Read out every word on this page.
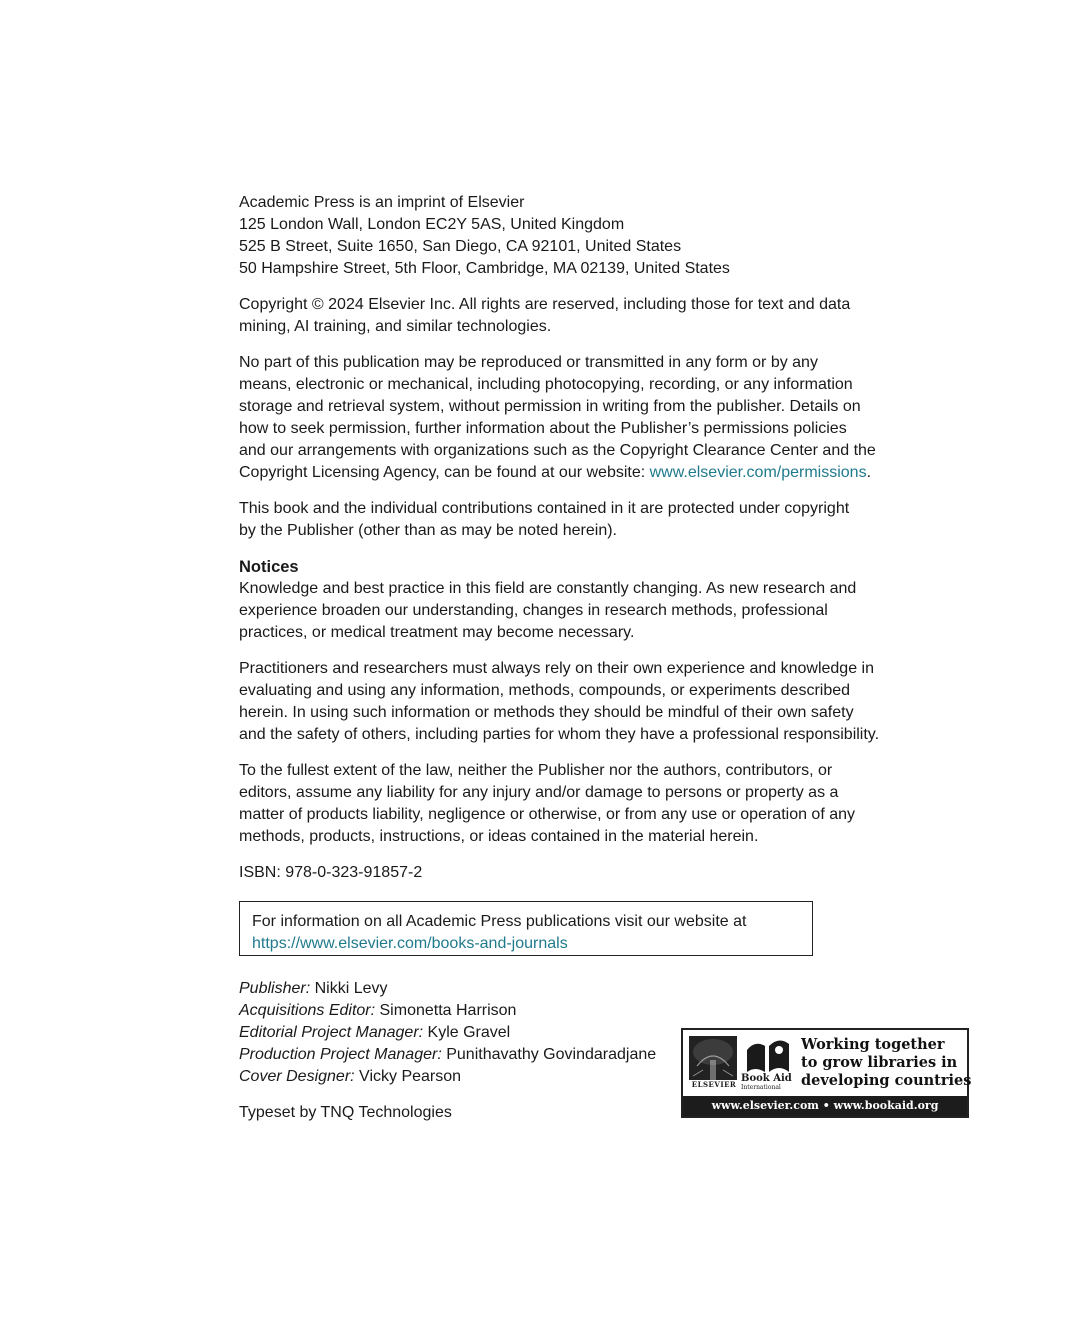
Academic Press is an imprint of Elsevier
125 London Wall, London EC2Y 5AS, United Kingdom
525 B Street, Suite 1650, San Diego, CA 92101, United States
50 Hampshire Street, 5th Floor, Cambridge, MA 02139, United States
Copyright © 2024 Elsevier Inc. All rights are reserved, including those for text and data
mining, AI training, and similar technologies.
No part of this publication may be reproduced or transmitted in any form or by any
means, electronic or mechanical, including photocopying, recording, or any information
storage and retrieval system, without permission in writing from the publisher. Details on
how to seek permission, further information about the Publisher’s permissions policies
and our arrangements with organizations such as the Copyright Clearance Center and the
Copyright Licensing Agency, can be found at our website: www.elsevier.com/permissions.
This book and the individual contributions contained in it are protected under copyright
by the Publisher (other than as may be noted herein).
Notices
Knowledge and best practice in this field are constantly changing. As new research and
experience broaden our understanding, changes in research methods, professional
practices, or medical treatment may become necessary.
Practitioners and researchers must always rely on their own experience and knowledge in
evaluating and using any information, methods, compounds, or experiments described
herein. In using such information or methods they should be mindful of their own safety
and the safety of others, including parties for whom they have a professional responsibility.
To the fullest extent of the law, neither the Publisher nor the authors, contributors, or
editors, assume any liability for any injury and/or damage to persons or property as a
matter of products liability, negligence or otherwise, or from any use or operation of any
methods, products, instructions, or ideas contained in the material herein.
ISBN: 978-0-323-91857-2
For information on all Academic Press publications visit our website at
https://www.elsevier.com/books-and-journals
Publisher: Nikki Levy
Acquisitions Editor: Simonetta Harrison
Editorial Project Manager: Kyle Gravel
Production Project Manager: Punithavathy Govindaradjane
Cover Designer: Vicky Pearson
Typeset by TNQ Technologies
ELSEVIER
Book Aid
International
Working together
to grow libraries in
developing countries
www.elsevier.com • www.bookaid.org
